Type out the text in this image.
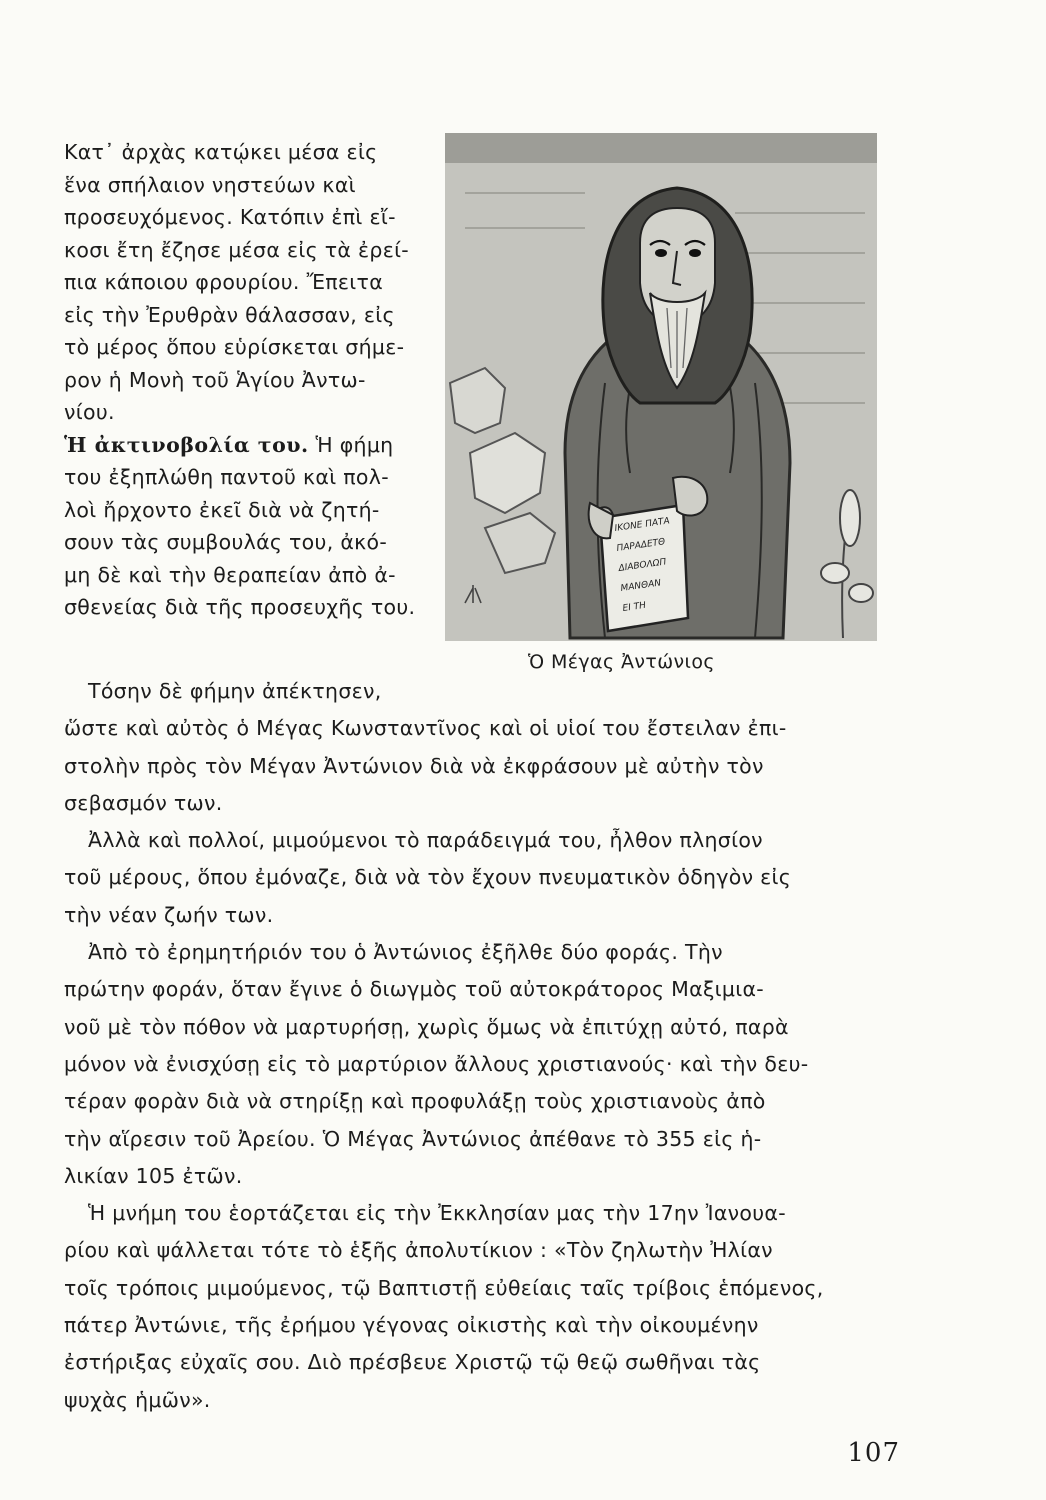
Κατ᾽ ἀρχὰς κατῴκει μέσα εἰς
ἕνα σπήλαιον νηστεύων καὶ
προσευχόμενος. Κατόπιν ἐπὶ εἴ-
κοσι ἔτη ἔζησε μέσα εἰς τὰ ἐρεί-
πια κάποιου φρουρίου. Ἔπειτα
εἰς τὴν Ἐρυθρὰν θάλασσαν, εἰς
τὸ μέρος ὅπου εὑρίσκεται σήμε-
ρον ἡ Μονὴ τοῦ Ἁγίου Ἀντω-
νίου.
Ἡ ἀκτινοβολία του. Ἡ φήμη
του ἐξηπλώθη παντοῦ καὶ πολ-
λοὶ ἤρχοντο ἐκεῖ διὰ νὰ ζητή-
σουν τὰς συμβουλάς του, ἀκό-
μη δὲ καὶ τὴν θεραπείαν ἀπὸ ἀ-
σθενείας διὰ τῆς προσευχῆς του.
ΙΚΟΝΕ ΠΑΤΑ
ΠΑΡΑΔΕΤΘ
ΔΙΑΒΟΛΩΠ
ΜΑΝΘΑΝ
ΕΙ ΤΗ
Ὁ Μέγας Ἀντώνιος
Τόσην δὲ φήμην ἀπέκτησεν,
ὥστε καὶ αὐτὸς ὁ Μέγας Κωνσταντῖνος καὶ οἱ υἱοί του ἔστειλαν ἐπι-
στολὴν πρὸς τὸν Μέγαν Ἀντώνιον διὰ νὰ ἐκφράσουν μὲ αὐτὴν τὸν
σεβασμόν των.
Ἀλλὰ καὶ πολλοί, μιμούμενοι τὸ παράδειγμά του, ἦλθον πλησίον
τοῦ μέρους, ὅπου ἐμόναζε, διὰ νὰ τὸν ἔχουν πνευματικὸν ὁδηγὸν εἰς
τὴν νέαν ζωήν των.
Ἀπὸ τὸ ἐρημητήριόν του ὁ Ἀντώνιος ἐξῆλθε δύο φοράς. Τὴν
πρώτην φοράν, ὅταν ἔγινε ὁ διωγμὸς τοῦ αὐτοκράτορος Μαξιμια-
νοῦ μὲ τὸν πόθον νὰ μαρτυρήσῃ, χωρὶς ὅμως νὰ ἐπιτύχῃ αὐτό, παρὰ
μόνον νὰ ἐνισχύσῃ εἰς τὸ μαρτύριον ἄλλους χριστιανούς· καὶ τὴν δευ-
τέραν φορὰν διὰ νὰ στηρίξῃ καὶ προφυλάξῃ τοὺς χριστιανοὺς ἀπὸ
τὴν αἵρεσιν τοῦ Ἀρείου. Ὁ Μέγας Ἀντώνιος ἀπέθανε τὸ 355 εἰς ἡ-
λικίαν 105 ἐτῶν.
Ἡ μνήμη του ἑορτάζεται εἰς τὴν Ἐκκλησίαν μας τὴν 17ην Ἰανουα-
ρίου καὶ ψάλλεται τότε τὸ ἑξῆς ἀπολυτίκιον : «Τὸν ζηλωτὴν Ἠλίαν
τοῖς τρόποις μιμούμενος, τῷ Βαπτιστῇ εὐθείαις ταῖς τρίβοις ἑπόμενος,
πάτερ Ἀντώνιε, τῆς ἐρήμου γέγονας οἰκιστὴς καὶ τὴν οἰκουμένην
ἐστήριξας εὐχαῖς σου. Διὸ πρέσβευε Χριστῷ τῷ θεῷ σωθῆναι τὰς
ψυχὰς ἡμῶν».
107
